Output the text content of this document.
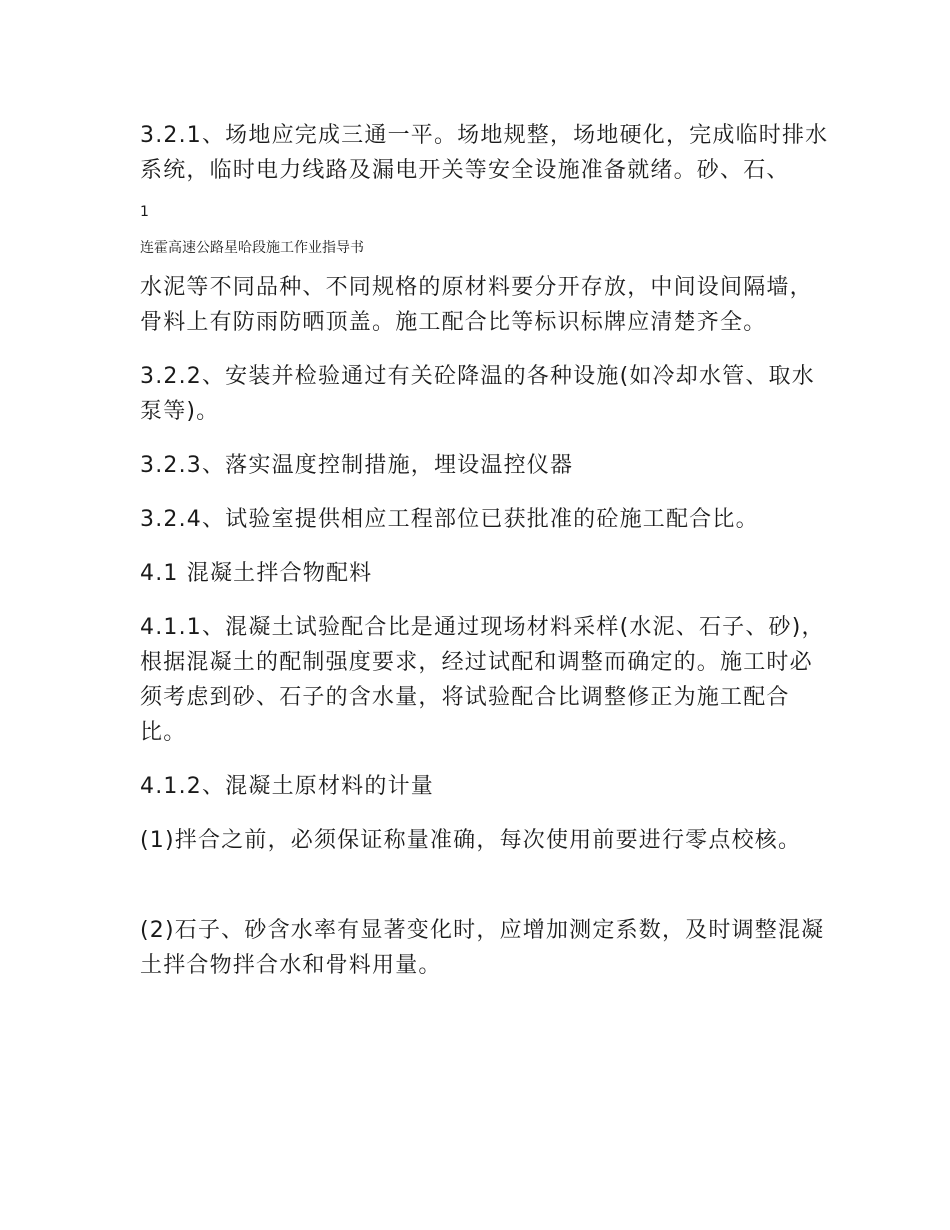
3.2.1、场地应完成三通一平。场地规整，场地硬化，完成临时排水系统，临时电力线路及漏电开关等安全设施准备就绪。砂、石、

1
连霍高速公路星哈段施工作业指导书

水泥等不同品种、不同规格的原材料要分开存放，中间设间隔墙，骨料上有防雨防晒顶盖。施工配合比等标识标牌应清楚齐全。

3.2.2、安装并检验通过有关砼降温的各种设施(如冷却水管、取水泵等)。

3.2.3、落实温度控制措施，埋设温控仪器

3.2.4、试验室提供相应工程部位已获批准的砼施工配合比。

4.1 混凝土拌合物配料

4.1.1、混凝土试验配合比是通过现场材料采样(水泥、石子、砂)，根据混凝土的配制强度要求，经过试配和调整而确定的。施工时必须考虑到砂、石子的含水量，将试验配合比调整修正为施工配合比。

4.1.2、混凝土原材料的计量

(1)拌合之前，必须保证称量准确，每次使用前要进行零点校核。

(2)石子、砂含水率有显著变化时，应增加测定系数，及时调整混凝土拌合物拌合水和骨料用量。
